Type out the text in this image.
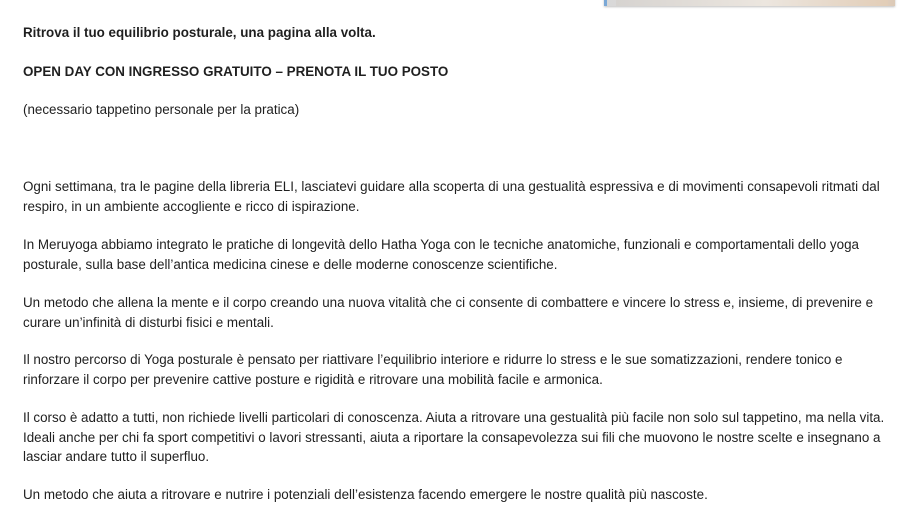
Ritrova il tuo equilibrio posturale, una pagina alla volta.

OPEN DAY CON INGRESSO GRATUITO – PRENOTA IL TUO POSTO

(necessario tappetino personale per la pratica)

Ogni settimana, tra le pagine della libreria ELI, lasciatevi guidare alla scoperta di una gestualità espressiva e di movimenti consapevoli ritmati dal respiro, in un ambiente accogliente e ricco di ispirazione.

In Meruyoga abbiamo integrato le pratiche di longevità dello Hatha Yoga con le tecniche anatomiche, funzionali e comportamentali dello yoga posturale, sulla base dell’antica medicina cinese e delle moderne conoscenze scientifiche.

Un metodo che allena la mente e il corpo creando una nuova vitalità che ci consente di combattere e vincere lo stress e, insieme, di prevenire e curare un’infinità di disturbi fisici e mentali.

Il nostro percorso di Yoga posturale è pensato per riattivare l’equilibrio interiore e ridurre lo stress e le sue somatizzazioni, rendere tonico e rinforzare il corpo per prevenire cattive posture e rigidità e ritrovare una mobilità facile e armonica.

Il corso è adatto a tutti, non richiede livelli particolari di conoscenza. Aiuta a ritrovare una gestualità più facile non solo sul tappetino, ma nella vita. Ideali anche per chi fa sport competitivi o lavori stressanti, aiuta a riportare la consapevolezza sui fili che muovono le nostre scelte e insegnano a lasciar andare tutto il superfluo.

Un metodo che aiuta a ritrovare e nutrire i potenziali dell’esistenza facendo emergere le nostre qualità più nascoste.
